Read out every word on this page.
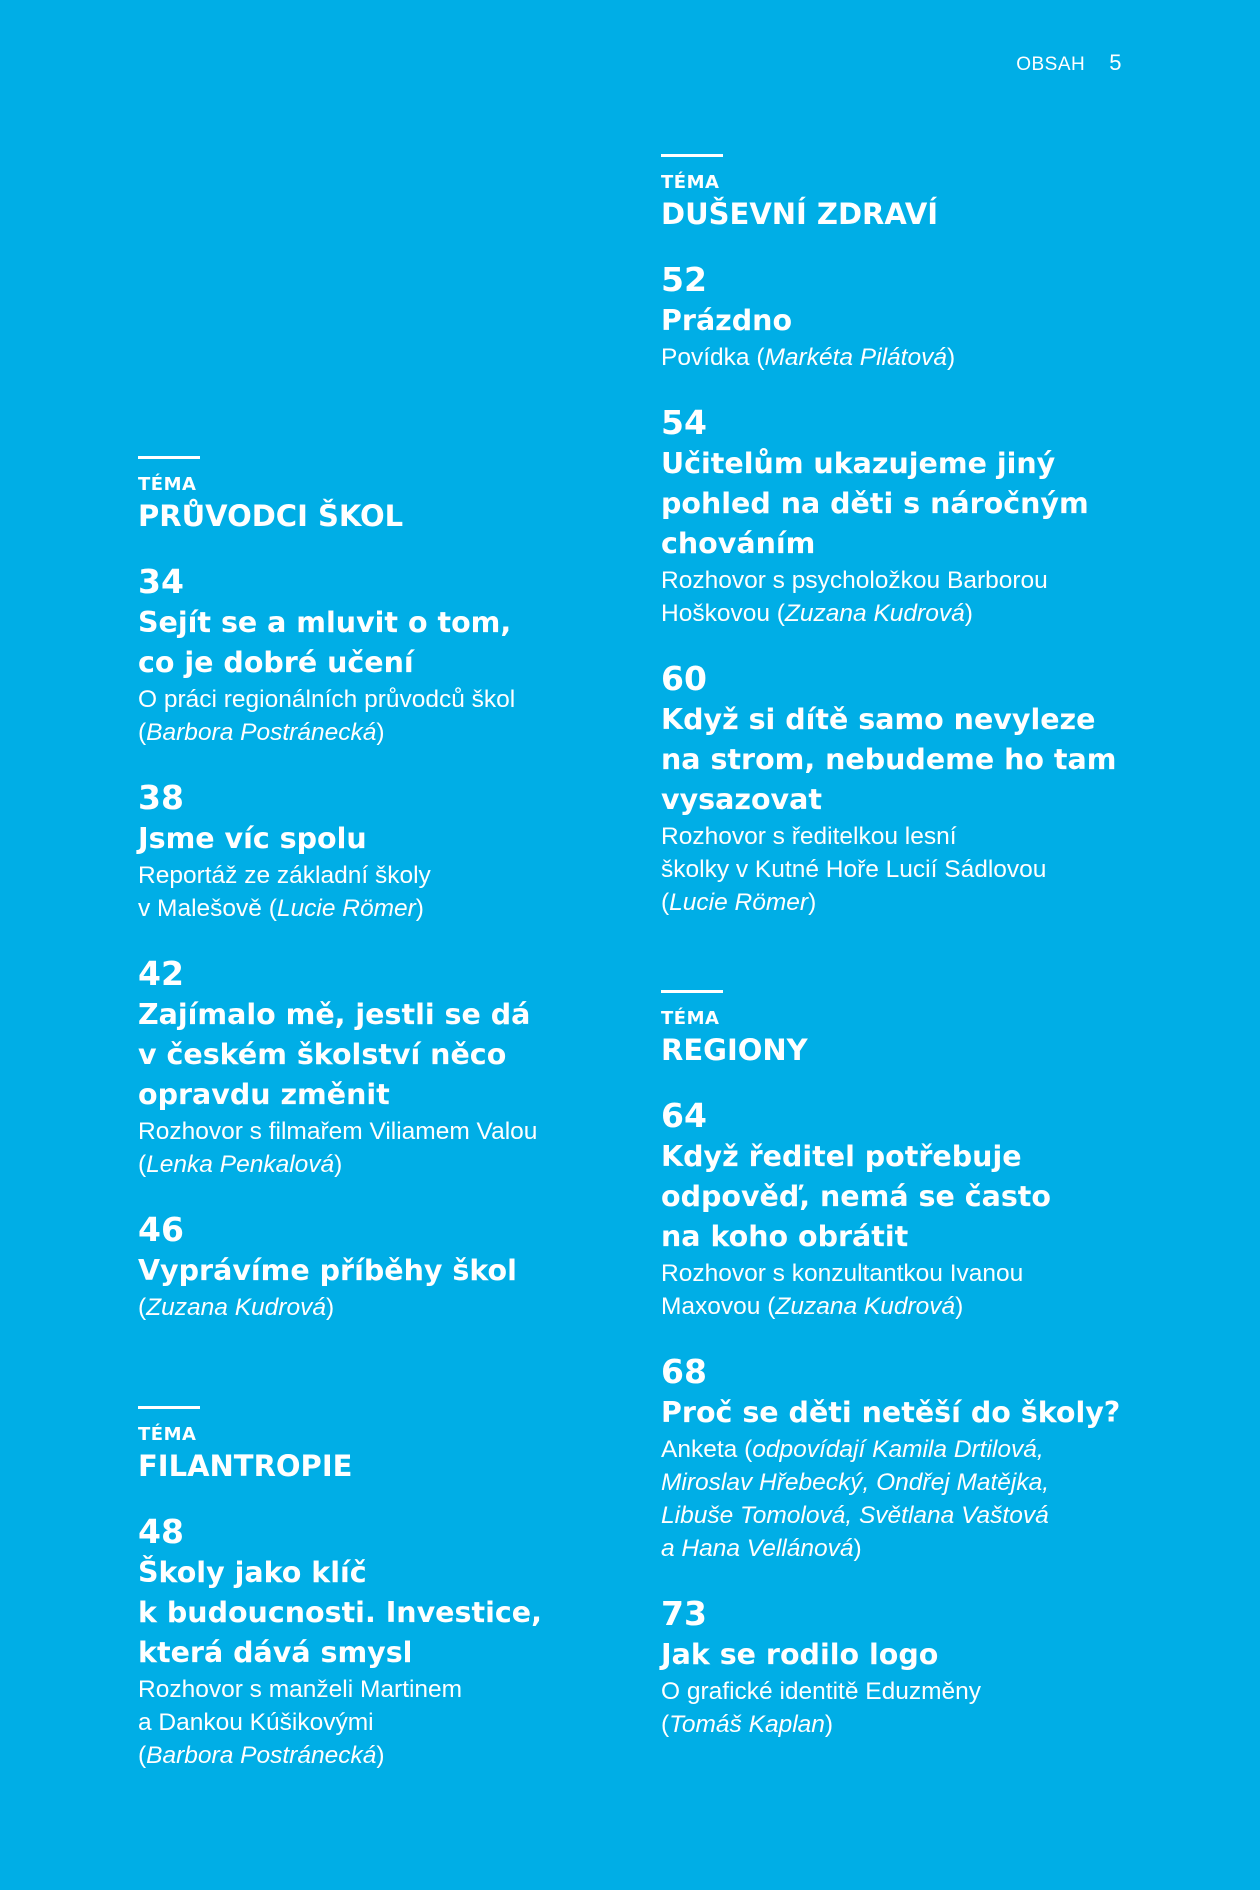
OBSAH 5
TÉMA
PRŮVODCI ŠKOL
34
Sejít se a mluvit o tom,
co je dobré učení
O práci regionálních průvodců škol
(Barbora Postránecká)
38
Jsme víc spolu
Reportáž ze základní školy
v Malešově (Lucie Römer)
42
Zajímalo mě, jestli se dá
v českém školství něco
opravdu změnit
Rozhovor s filmařem Viliamem Valou
(Lenka Penkalová)
46
Vyprávíme příběhy škol
(Zuzana Kudrová)
TÉMA
FILANTROPIE
48
Školy jako klíč
k budoucnosti. Investice,
která dává smysl
Rozhovor s manželi Martinem
a Dankou Kúšikovými
(Barbora Postránecká)
TÉMA
DUŠEVNÍ ZDRAVÍ
52
Prázdno
Povídka (Markéta Pilátová)
54
Učitelům ukazujeme jiný
pohled na děti s náročným
chováním
Rozhovor s psycholožkou Barborou
Hoškovou (Zuzana Kudrová)
60
Když si dítě samo nevyleze
na strom, nebudeme ho tam
vysazovat
Rozhovor s ředitelkou lesní
školky v Kutné Hoře Lucií Sádlovou
(Lucie Römer)
TÉMA
REGIONY
64
Když ředitel potřebuje
odpověď, nemá se často
na koho obrátit
Rozhovor s konzultantkou Ivanou
Maxovou (Zuzana Kudrová)
68
Proč se děti netěší do školy?
Anketa (odpovídají Kamila Drtilová,
Miroslav Hřebecký, Ondřej Matějka,
Libuše Tomolová, Světlana Vaštová
a Hana Vellánová)
73
Jak se rodilo logo
O grafické identitě Eduzměny
(Tomáš Kaplan)
